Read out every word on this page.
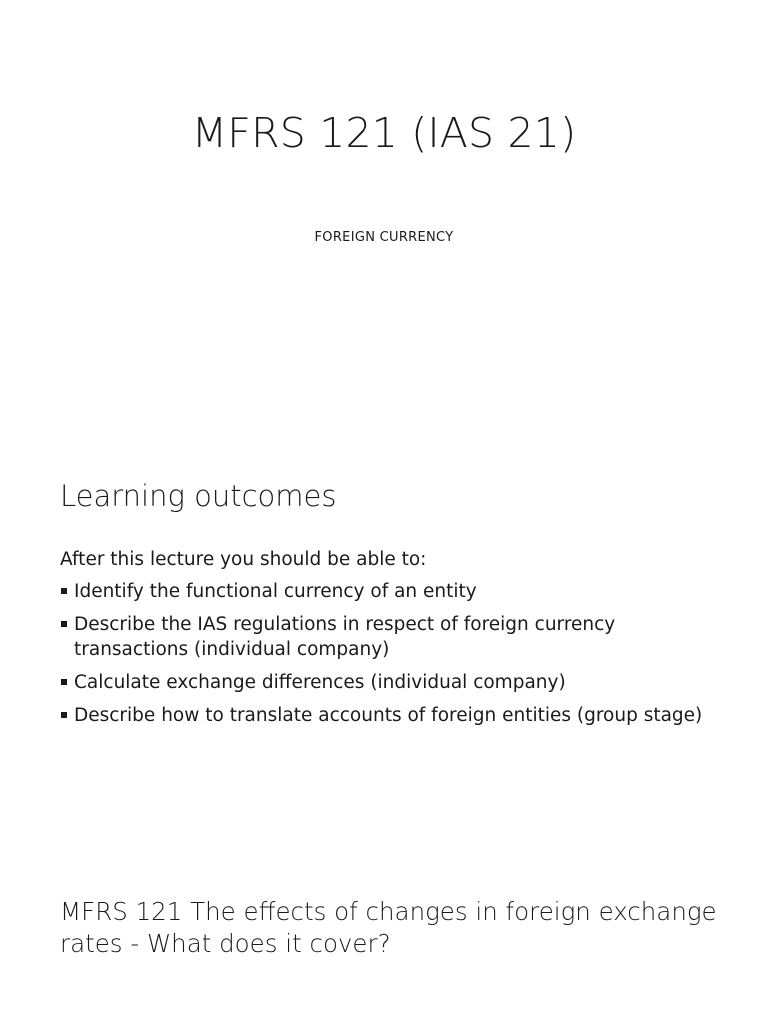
MFRS 121 (IAS 21)
FOREIGN CURRENCY
Learning outcomes
After this lecture you should be able to:
Identify the functional currency of an entity
Describe the IAS regulations in respect of foreign currency transactions (individual company)
Calculate exchange differences (individual company)
Describe how to translate accounts of foreign entities (group stage)
MFRS 121 The effects of changes in foreign exchange
rates - What does it cover?
